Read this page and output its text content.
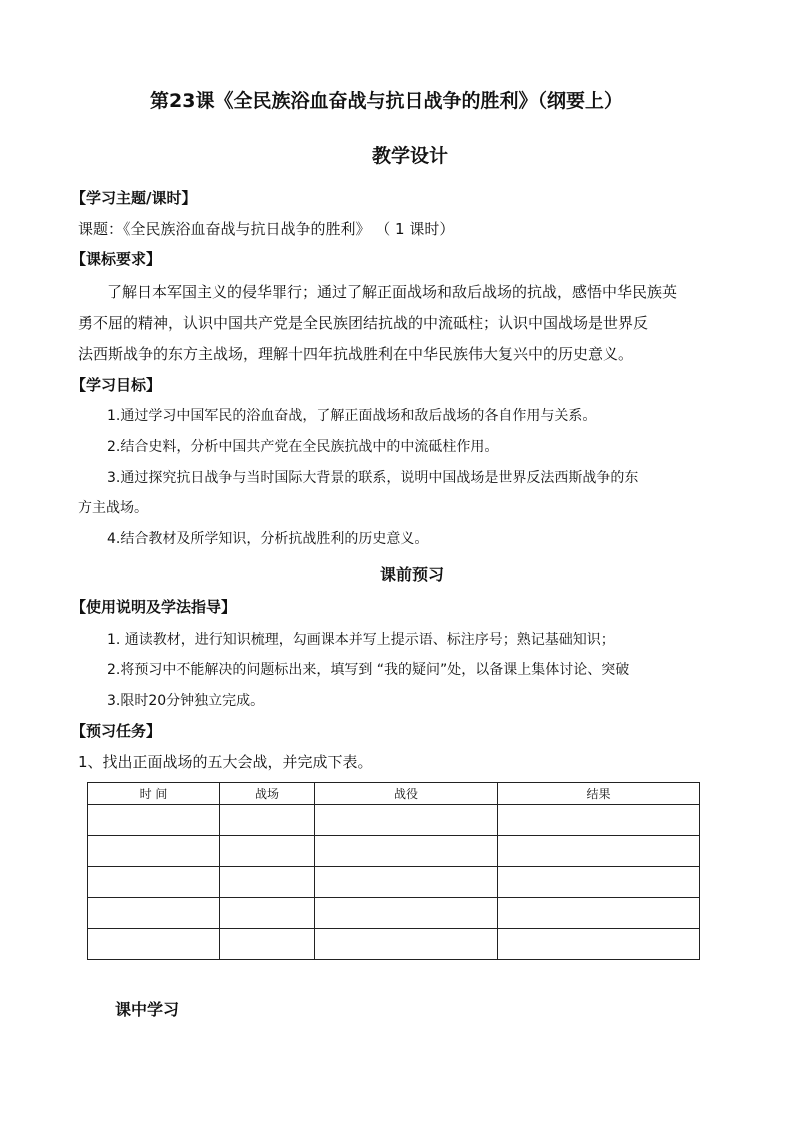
第23课《全民族浴血奋战与抗日战争的胜利》（纲要上）
教学设计
【学习主题/课时】
课题：《全民族浴血奋战与抗日战争的胜利》 （ 1 课时）
【课标要求】
了解日本军国主义的侵华罪行；通过了解正面战场和敌后战场的抗战，感悟中华民族英
勇不屈的精神，认识中国共产党是全民族团结抗战的中流砥柱；认识中国战场是世界反
法西斯战争的东方主战场，理解十四年抗战胜利在中华民族伟大复兴中的历史意义。
【学习目标】
1.通过学习中国军民的浴血奋战，了解正面战场和敌后战场的各自作用与关系。
2.结合史料，分析中国共产党在全民族抗战中的中流砥柱作用。
3.通过探究抗日战争与当时国际大背景的联系，说明中国战场是世界反法西斯战争的东
方主战场。
4.结合教材及所学知识，分析抗战胜利的历史意义。
课前预习
【使用说明及学法指导】
1. 通读教材，进行知识梳理，勾画课本并写上提示语、标注序号；熟记基础知识；
2.将预习中不能解决的问题标出来，填写到 “我的疑问”处，以备课上集体讨论、突破
3.限时20分钟独立完成。
【预习任务】
1、找出正面战场的五大会战，并完成下表。
时 间	战场	战役	结果

课中学习
